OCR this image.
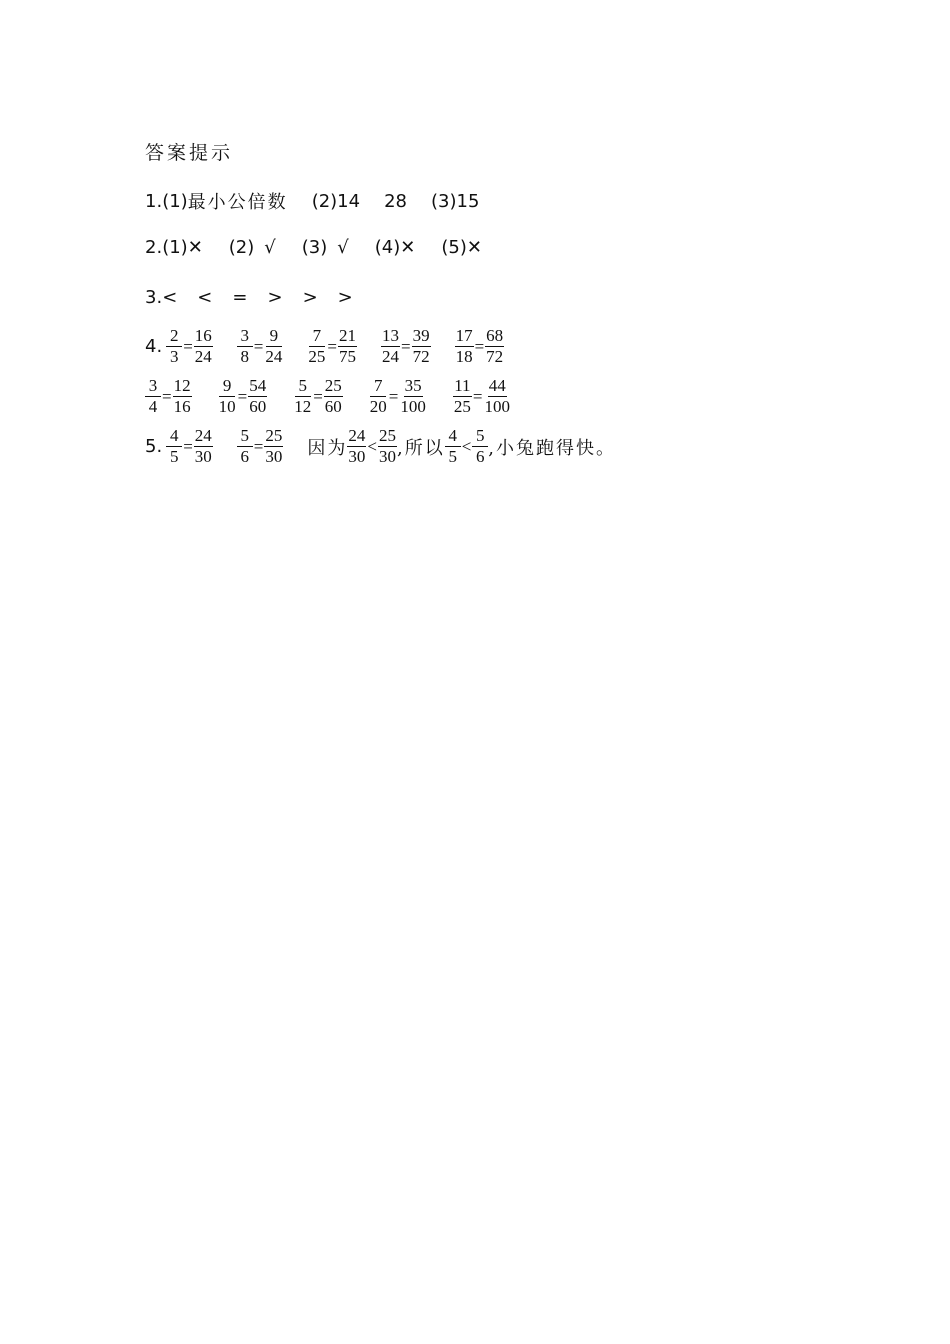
答案提示
1. (1) 最小公倍数 (2)14 28 (3)15
2. (1) ✕ (2) √ (3) √ (4) ✕ (5) ✕
3. < < = > > >
4. $\frac{2}{3} = \frac{16}{24} \frac{3}{8} = \frac{9}{24} \frac{7}{25} = \frac{21}{75} \frac{13}{24} = \frac{39}{72} \frac{17}{18} = \frac{68}{72}$
$\frac{3}{4} = \frac{12}{16} \frac{9}{10} = \frac{54}{60} \frac{5}{12} = \frac{25}{60} \frac{7}{20} = \frac{35}{100} \frac{11}{25} = \frac{44}{100}$
5. $\frac{4}{5} = \frac{24}{30} \frac{5}{6} = \frac{25}{30}$ 因为 $\frac{24}{30} < \frac{25}{30}$ ,所以 $\frac{4}{5} < \frac{5}{6}$ ,小兔跑得快。
